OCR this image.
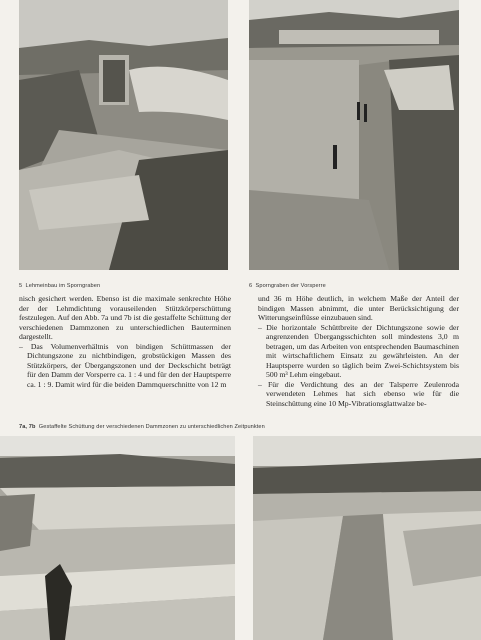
5 Lehmeinbau im Sporngraben	6 Sporngraben der Vorsperre

nisch gesichert werden. Ebenso ist die maximale senkrechte Höhe der der Lehmdichtung vorauseilenden Stützkörperschüttung festzulegen. Auf den Abb. 7a und 7b ist die gestaffelte Schüttung der verschiedenen Dammzonen zu unterschiedlichen Bauterminen dargestellt.

– Das Volumenverhältnis von bindigen Schüttmassen der Dichtungszone zu nichtbindigen, grobstückigen Massen des Stützkörpers, der Übergangszonen und der Deckschicht beträgt für den Damm der Vorsperre ca. 1 : 4 und für den der Hauptsperre ca. 1 : 9. Damit wird für die beiden Dammquerschnitte von 12 m

und 36 m Höhe deutlich, in welchem Maße der Anteil der bindigen Massen abnimmt, die unter Berücksichtigung der Witterungseinflüsse einzubauen sind.

– Die horizontale Schüttbreite der Dichtungszone sowie der angrenzenden Übergangsschichten soll mindestens 3,0 m betragen, um das Arbeiten von entsprechenden Baumaschinen mit wirtschaftlichem Einsatz zu gewährleisten. An der Hauptsperre wurden so täglich beim Zwei-Schichtsystem bis 500 m³ Lehm eingebaut.

– Für die Verdichtung des an der Talsperre Zeulenroda verwendeten Lehmes hat sich ebenso wie für die Steinschüttung eine 10 Mp-Vibrationsglattwalze be-

7a, 7b Gestaffelte Schüttung der verschiedenen Dammzonen zu unterschiedlichen Zeitpunkten
